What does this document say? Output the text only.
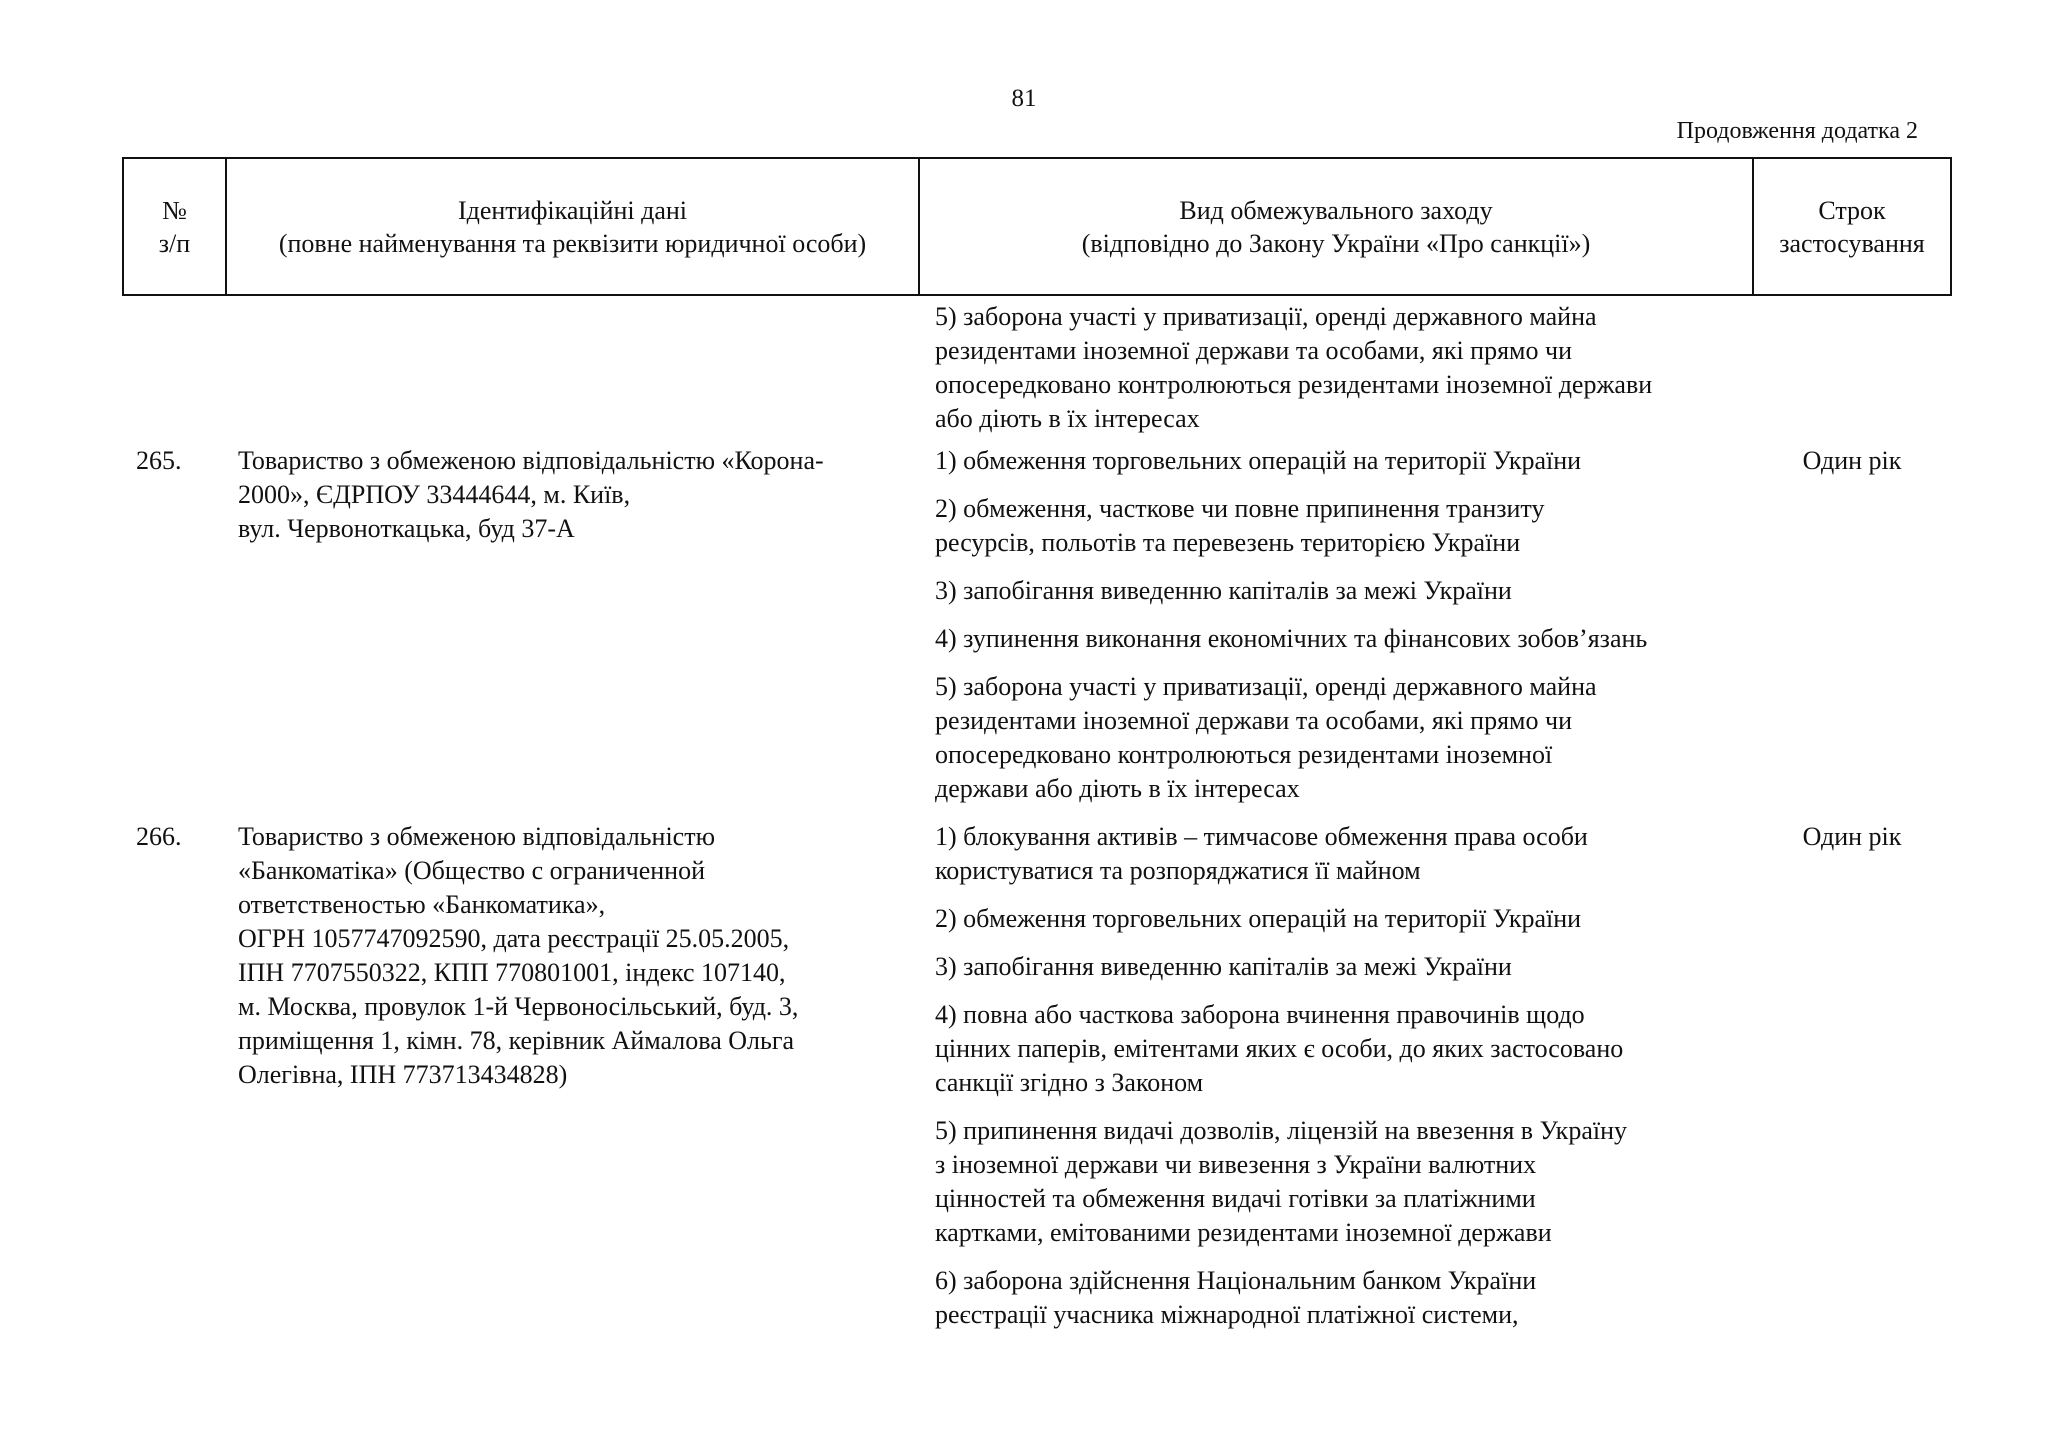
81
Продовження додатка 2
№
з/п
Ідентифікаційні дані
(повне найменування та реквізити юридичної особи)
Вид обмежувального заходу
(відповідно до Закону України «Про санкції»)
Строк
застосування
5) заборона участі у приватизації, оренді державного майна
резидентами іноземної держави та особами, які прямо чи
опосередковано контролюються резидентами іноземної держави
або діють в їх інтересах
265.	Товариство з обмеженою відповідальністю «Корона-
2000», ЄДРПОУ 33444644, м. Київ,
вул. Червоноткацька, буд 37-А
Один рік
1) обмеження торговельних операцій на території України
2) обмеження, часткове чи повне припинення транзиту
ресурсів, польотів та перевезень територією України
3) запобігання виведенню капіталів за межі України
4) зупинення виконання економічних та фінансових зобов’язань
5) заборона участі у приватизації, оренді державного майна
резидентами іноземної держави та особами, які прямо чи
опосередковано контролюються резидентами іноземної
держави або діють в їх інтересах
266.	Товариство з обмеженою відповідальністю
«Банкоматіка» (Общество с ограниченной
ответственостью «Банкоматика»,
ОГРН 1057747092590, дата реєстрації 25.05.2005,
ІПН 7707550322, КПП 770801001, індекс 107140,
м. Москва, провулок 1-й Червоносільський, буд. 3,
приміщення 1, кімн. 78, керівник Аймалова Ольга
Олегівна, ІПН 773713434828)
Один рік
1) блокування активів – тимчасове обмеження права особи
користуватися та розпоряджатися її майном
2) обмеження торговельних операцій на території України
3) запобігання виведенню капіталів за межі України
4) повна або часткова заборона вчинення правочинів щодо
цінних паперів, емітентами яких є особи, до яких застосовано
санкції згідно з Законом
5) припинення видачі дозволів, ліцензій на ввезення в Україну
з іноземної держави чи вивезення з України валютних
цінностей та обмеження видачі готівки за платіжними
картками, емітованими резидентами іноземної держави
6) заборона здійснення Національним банком України
реєстрації учасника міжнародної платіжної системи,
